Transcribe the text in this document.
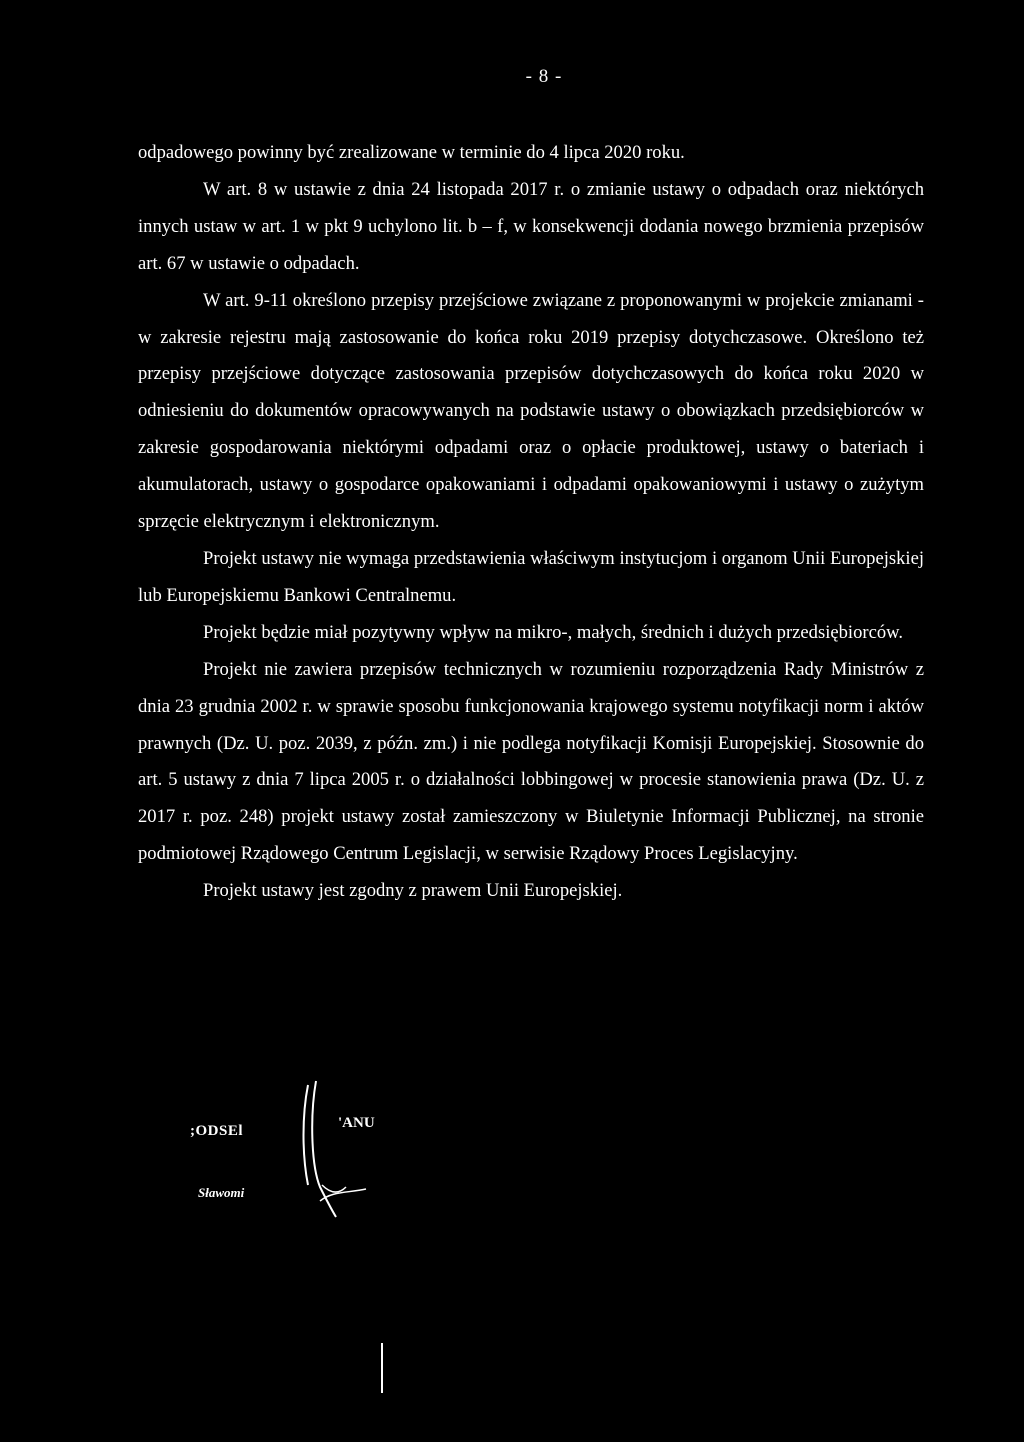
- 8 -

odpadowego powinny być zrealizowane w terminie do 4 lipca 2020 roku.

W art. 8 w ustawie z dnia 24 listopada 2017 r. o zmianie ustawy o odpadach oraz niektórych innych ustaw w art. 1 w pkt 9 uchylono lit. b – f, w konsekwencji dodania nowego brzmienia przepisów art. 67 w ustawie o odpadach.

W art. 9-11 określono przepisy przejściowe związane z proponowanymi w projekcie zmianami - w zakresie rejestru mają zastosowanie do końca roku 2019 przepisy dotychczasowe. Określono też przepisy przejściowe dotyczące zastosowania przepisów dotychczasowych do końca roku 2020 w odniesieniu do dokumentów opracowywanych na podstawie ustawy o obowiązkach przedsiębiorców w zakresie gospodarowania niektórymi odpadami oraz o opłacie produktowej, ustawy o bateriach i akumulatorach, ustawy o gospodarce opakowaniami i odpadami opakowaniowymi i ustawy o zużytym sprzęcie elektrycznym i elektronicznym.

Projekt ustawy nie wymaga przedstawienia właściwym instytucjom i organom Unii Europejskiej lub Europejskiemu Bankowi Centralnemu.

Projekt będzie miał pozytywny wpływ na mikro-, małych, średnich i dużych przedsiębiorców.

Projekt nie zawiera przepisów technicznych w rozumieniu rozporządzenia Rady Ministrów z dnia 23 grudnia 2002 r. w sprawie sposobu funkcjonowania krajowego systemu notyfikacji norm i aktów prawnych (Dz. U. poz. 2039, z późn. zm.) i nie podlega notyfikacji Komisji Europejskiej. Stosownie do art. 5 ustawy z dnia 7 lipca 2005 r. o działalności lobbingowej w procesie stanowienia prawa (Dz. U. z 2017 r. poz. 248) projekt ustawy został zamieszczony w Biuletynie Informacji Publicznej, na stronie podmiotowej Rządowego Centrum Legislacji, w serwisie Rządowy Proces Legislacyjny.

Projekt ustawy jest zgodny z prawem Unii Europejskiej.

;ODSEl	'ANU
Sławomi
